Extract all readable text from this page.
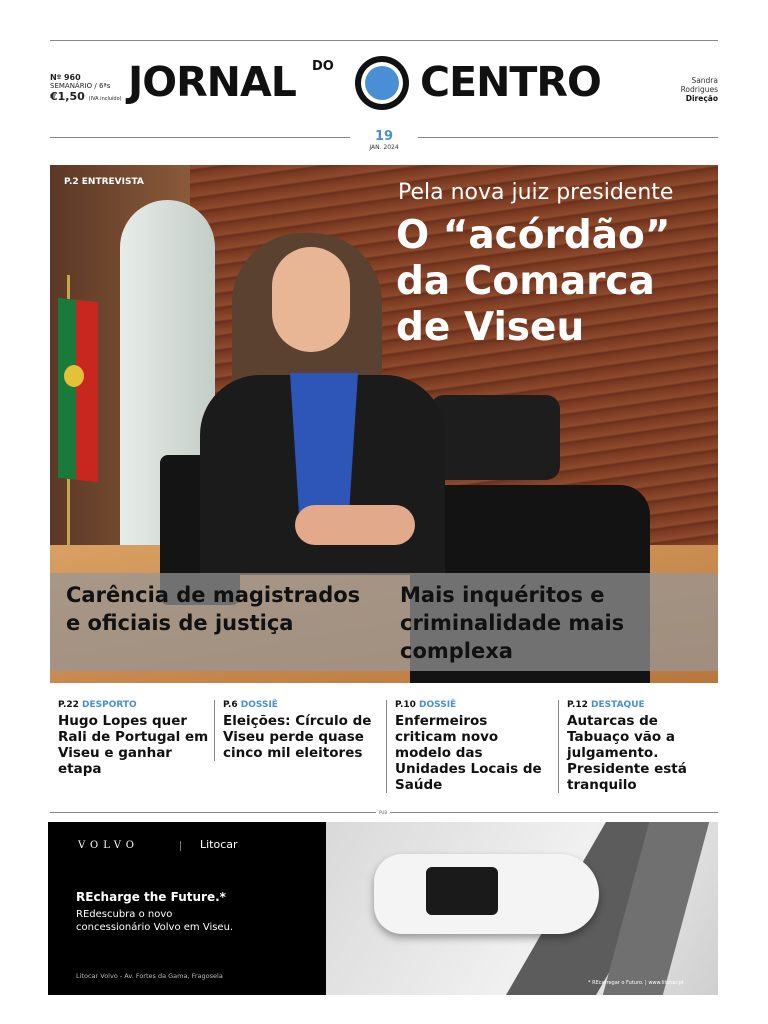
Nº 960
SEMANÁRIO / 6ªs
€1,50 (IVA incluído) JORNAL DO CENTRO	Sandra
Rodrigues
Direção
19
JAN. 2024
P.2 ENTREVISTA	Pela nova juiz presidente
O “acórdão” da Comarca de Viseu
Carência de magistrados e oficiais de justiça
Mais inquéritos e criminalidade mais complexa
P.22 DESPORTO
Hugo Lopes quer Rali de Portugal em Viseu e ganhar etapa
P.6 DOSSIÊ
Eleições: Círculo de Viseu perde quase cinco mil eleitores
P.10 DOSSIÊ
Enfermeiros criticam novo modelo das Unidades Locais de Saúde
P.12 DESTAQUE
Autarcas de Tabuaço vão a julgamento. Presidente está tranquilo
PUB
VOLVO	Litocar
REcharge the Future.*
REdescubra o novo concessionário Volvo em Viseu.
Litocar Volvo - Av. Fortes da Gama, Fragosela
* REcarregar o Futuro. | www.litocar.pt
